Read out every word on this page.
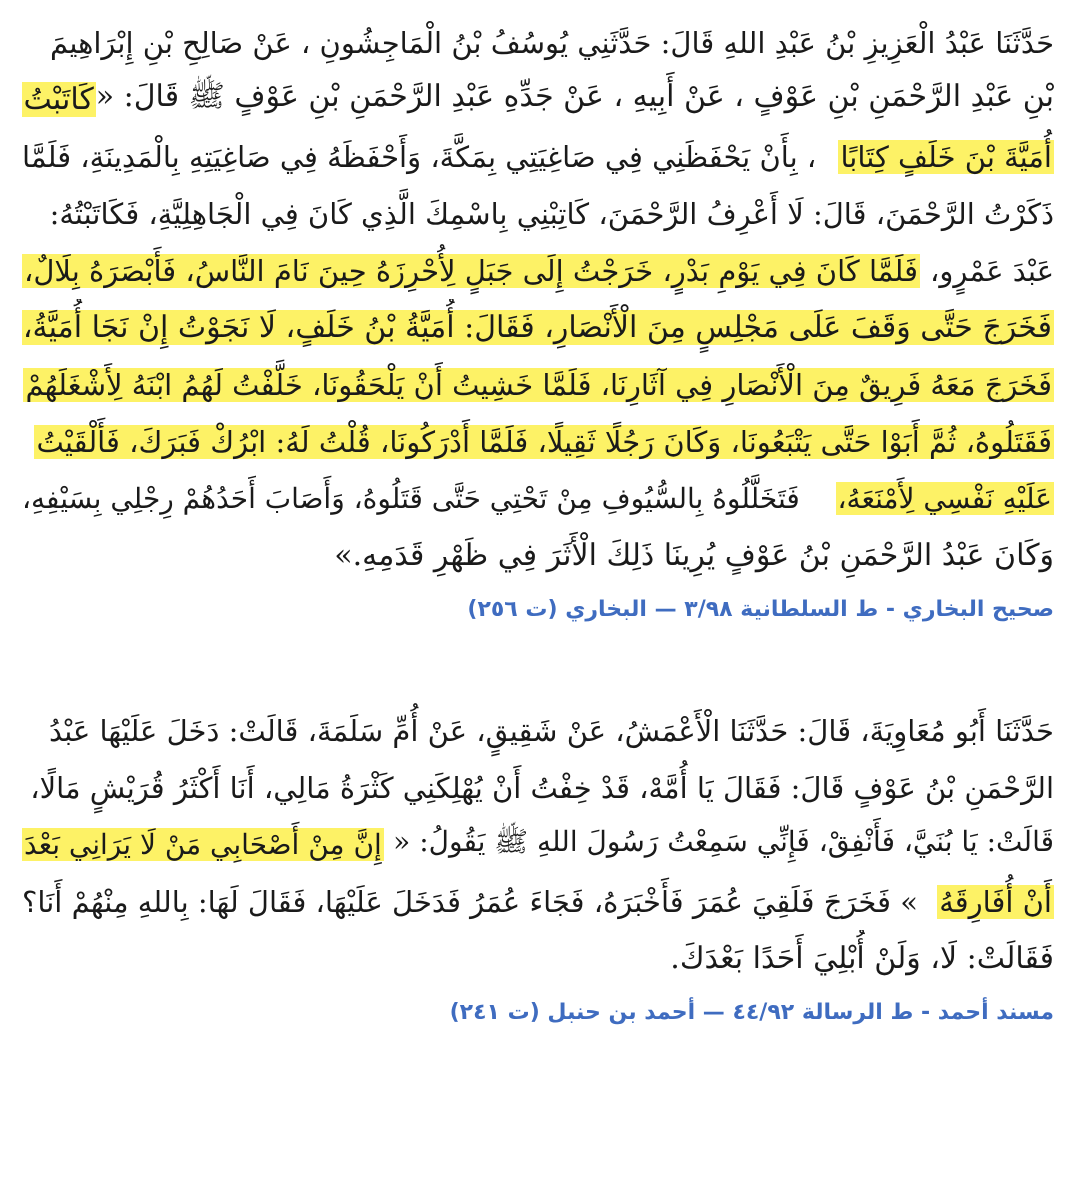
حَدَّثَنَا عَبْدُ الْعَزِيزِ بْنُ عَبْدِ اللهِ قَالَ: حَدَّثَنِي يُوسُفُ بْنُ الْمَاجِشُونِ ، عَنْ صَالِحِ بْنِ إِبْرَاهِيمَ
بْنِ عَبْدِ الرَّحْمَنِ بْنِ عَوْفٍ ، عَنْ أَبِيهِ ، عَنْ جَدِّهِ عَبْدِ الرَّحْمَنِ بْنِ عَوْفٍ ﷺ قَالَ: «
كَاتَبْتُ
أُمَيَّةَ بْنَ خَلَفٍ كِتَابًا
، بِأَنْ يَحْفَظَنِي فِي صَاغِيَتِي بِمَكَّةَ، وَأَحْفَظَهُ فِي صَاغِيَتِهِ بِالْمَدِينَةِ، فَلَمَّا
ذَكَرْتُ الرَّحْمَنَ، قَالَ: لَا أَعْرِفُ الرَّحْمَنَ، كَاتِبْنِي بِاسْمِكَ الَّذِي كَانَ فِي الْجَاهِلِيَّةِ، فَكَاتَبْتُهُ:
عَبْدَ عَمْرٍو،
فَلَمَّا كَانَ فِي يَوْمِ بَدْرٍ، خَرَجْتُ إِلَى جَبَلٍ لِأُحْرِزَهُ حِينَ نَامَ النَّاسُ، فَأَبْصَرَهُ بِلَالٌ،
فَخَرَجَ حَتَّى وَقَفَ عَلَى مَجْلِسٍ مِنَ الْأَنْصَارِ، فَقَالَ: أُمَيَّةُ بْنُ خَلَفٍ، لَا نَجَوْتُ إِنْ نَجَا أُمَيَّةُ،
فَخَرَجَ مَعَهُ فَرِيقٌ مِنَ الْأَنْصَارِ فِي آثَارِنَا، فَلَمَّا خَشِيتُ أَنْ يَلْحَقُونَا، خَلَّفْتُ لَهُمُ ابْنَهُ لِأَشْغَلَهُمْ
فَقَتَلُوهُ، ثُمَّ أَبَوْا حَتَّى يَتْبَعُونَا، وَكَانَ رَجُلًا ثَقِيلًا، فَلَمَّا أَدْرَكُونَا، قُلْتُ لَهُ: ابْرُكْ فَبَرَكَ، فَأَلْقَيْتُ
عَلَيْهِ نَفْسِي لِأَمْنَعَهُ،
فَتَخَلَّلُوهُ بِالسُّيُوفِ مِنْ تَحْتِي حَتَّى قَتَلُوهُ، وَأَصَابَ أَحَدُهُمْ رِجْلِي بِسَيْفِهِ،
وَكَانَ عَبْدُ الرَّحْمَنِ بْنُ عَوْفٍ يُرِينَا ذَلِكَ الْأَثَرَ فِي ظَهْرِ قَدَمِهِ.»
صحيح البخاري - ط السلطانية ٣/٩٨ — البخاري (ت ٢٥٦)
حَدَّثَنَا أَبُو مُعَاوِيَةَ، قَالَ: حَدَّثَنَا الْأَعْمَشُ، عَنْ شَقِيقٍ، عَنْ أُمِّ سَلَمَةَ، قَالَتْ: دَخَلَ عَلَيْهَا عَبْدُ
الرَّحْمَنِ بْنُ عَوْفٍ قَالَ: فَقَالَ يَا أُمَّهْ، قَدْ خِفْتُ أَنْ يُهْلِكَنِي كَثْرَةُ مَالِي، أَنَا أَكْثَرُ قُرَيْشٍ مَالًا،
قَالَتْ: يَا بُنَيَّ، فَأَنْفِقْ، فَإِنِّي سَمِعْتُ رَسُولَ اللهِ ﷺ يَقُولُ: «
إِنَّ مِنْ أَصْحَابِي مَنْ لَا يَرَانِي بَعْدَ
أَنْ أُفَارِقَهُ
» فَخَرَجَ فَلَقِيَ عُمَرَ فَأَخْبَرَهُ، فَجَاءَ عُمَرُ فَدَخَلَ عَلَيْهَا، فَقَالَ لَهَا: بِاللهِ مِنْهُمْ أَنَا؟
فَقَالَتْ: لَا، وَلَنْ أُبْلِيَ أَحَدًا بَعْدَكَ.
مسند أحمد - ط الرسالة ٤٤/٩٢ — أحمد بن حنبل (ت ٢٤١)
